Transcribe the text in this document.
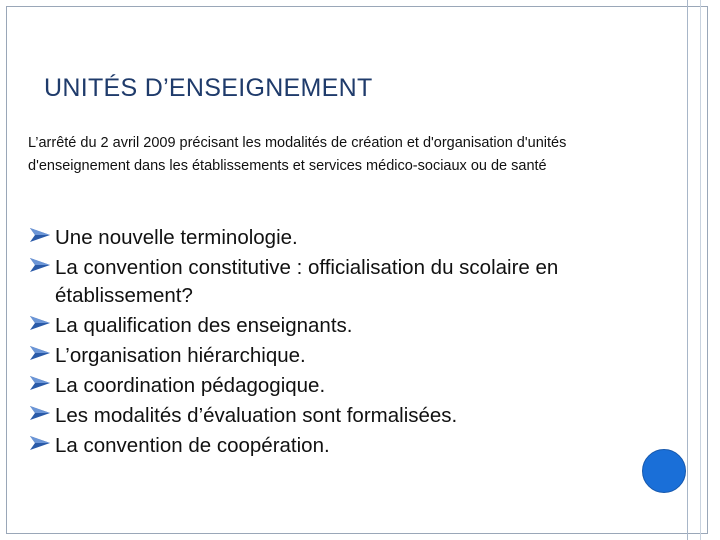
UNITÉS D’ENSEIGNEMENT

L’arrêté du 2 avril 2009 précisant les modalités de création et d'organisation d'unités d'enseignement dans les établissements et services médico-sociaux ou de santé

Une nouvelle terminologie.
La convention constitutive : officialisation du scolaire en établissement?
La qualification des enseignants.
L’organisation hiérarchique.
La coordination pédagogique.
Les modalités d’évaluation sont formalisées.
La convention de coopération.
